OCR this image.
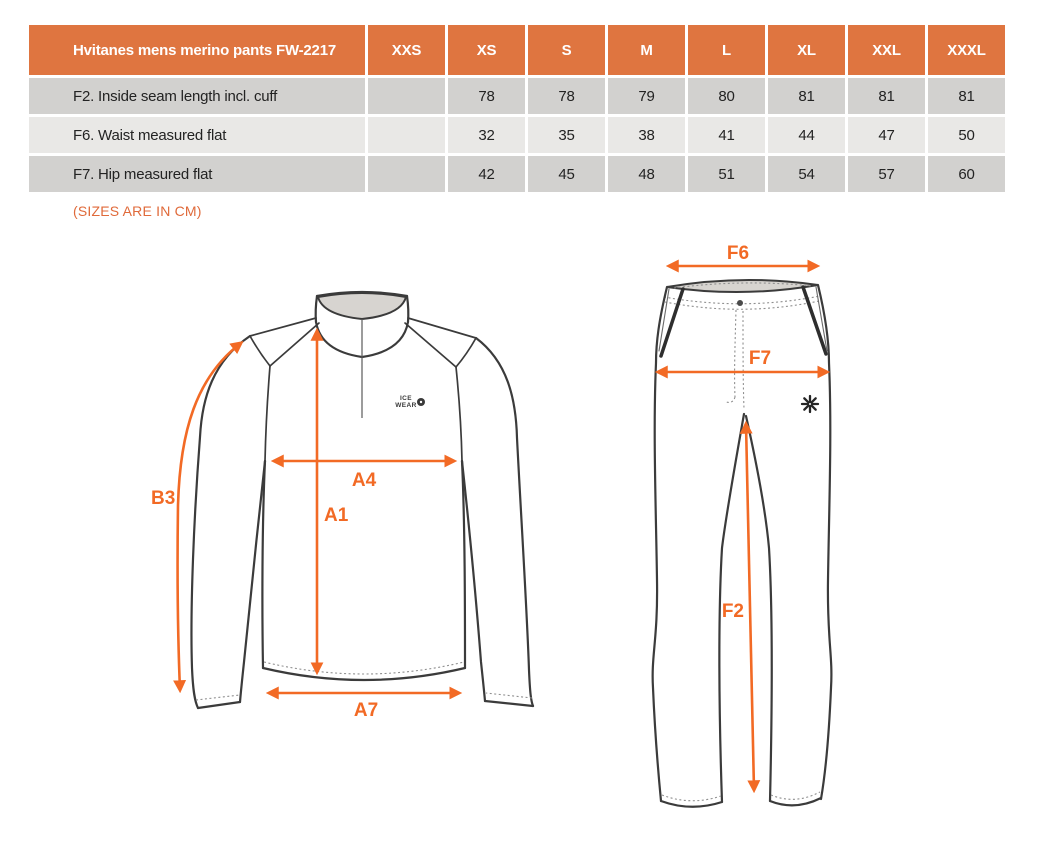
Hvitanes mens merino pants FW-2217	XXS	XS	S	M	L	XL	XXL	XXXL
F2. Inside seam length incl. cuff		78	78	79	80	81	81	81
F6. Waist measured flat		32	35	38	41	44	47	50
F7. Hip measured flat		42	45	48	51	54	57	60
(SIZES ARE IN CM)
ICE
WEAR
B3
A4
A1
A7
F6
F7
F2
